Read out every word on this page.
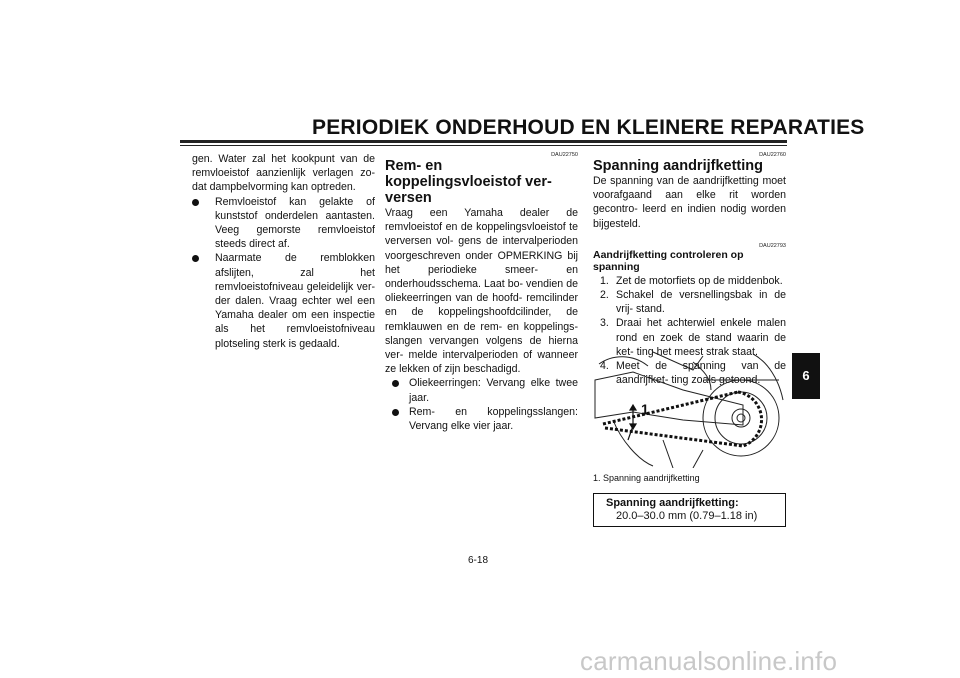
PERIODIEK ONDERHOUD EN KLEINERE REPARATIES

gen. Water zal het kookpunt van de remvloeistof aanzienlijk verlagen zo- dat dampbelvorming kan optreden.

Remvloeistof kan gelakte of kunststof onderdelen aantasten. Veeg gemorste remvloeistof steeds direct af.

Naarmate de remblokken afslijten, zal het remvloeistofniveau geleidelijk ver- der dalen. Vraag echter wel een Yamaha dealer om een inspectie als het remvloeistofniveau plotseling sterk is gedaald.

DAU22750

Rem- en koppelingsvloeistof ver-
versen

Vraag een Yamaha dealer de remvloeistof en de koppelingsvloeistof te verversen vol- gens de intervalperioden voorgeschreven onder OPMERKING bij het periodieke smeer- en onderhoudsschema. Laat bo- vendien de oliekeerringen van de hoofd- remcilinder en de koppelingshoofdcilinder, de remklauwen en de rem- en koppelings- slangen vervangen volgens de hierna ver- melde intervalperioden of wanneer ze lekken of zijn beschadigd.

Oliekeerringen: Vervang elke twee jaar.

Rem- en koppelingsslangen: Vervang elke vier jaar.

DAU22760

Spanning aandrijfketting

De spanning van de aandrijfketting moet voorafgaand aan elke rit worden gecontro- leerd en indien nodig worden bijgesteld.

DAU22793

Aandrijfketting controleren op spanning

1. Zet de motorfiets op de middenbok.

2. Schakel de versnellingsbak in de vrij- stand.

3. Draai het achterwiel enkele malen rond en zoek de stand waarin de ket- ting het meest strak staat.

4. Meet de spanning van de aandrijfket- ting zoals getoond.

1
1. Spanning aandrijfketting
Spanning aandrijfketting:
20.0–30.0 mm (0.79–1.18 in)
6
6-18
carmanualsonline.info
